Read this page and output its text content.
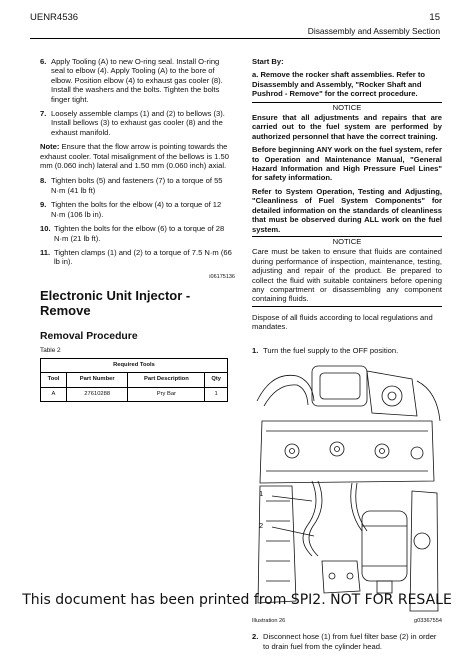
UENR4536	15
Disassembly and Assembly Section
6. Apply Tooling (A) to new O-ring seal. Install O-ring seal to elbow (4). Apply Tooling (A) to the bore of elbow. Position elbow (4) to exhaust gas cooler (8). Install the washers and the bolts. Tighten the bolts finger tight.
7. Loosely assemble clamps (1) and (2) to bellows (3). Install bellows (3) to exhaust gas cooler (8) and the exhaust manifold.

Note: Ensure that the flow arrow is pointing towards the exhaust cooler. Total misalignment of the bellows is 1.50 mm (0.060 inch) lateral and 1.50 mm (0.060 inch) axial.

8. Tighten bolts (5) and fasteners (7) to a torque of 55 N·m (41 lb ft)
9. Tighten the bolts for the elbow (4) to a torque of 12 N·m (106 lb in).
10. Tighten the bolts for the elbow (6) to a torque of 28 N·m (21 lb ft).
11. Tighten clamps (1) and (2) to a torque of 7.5 N·m (66 lb in).
i06175136
Electronic Unit Injector - Remove
Removal Procedure
Table 2
Required Tools			
Tool	Part Number	Part Description	Qty
A	27610288	Pry Bar	1
Start By:
a. Remove the rocker shaft assemblies. Refer to Disassembly and Assembly, "Rocker Shaft and Pushrod - Remove" for the correct procedure.
NOTICE

Ensure that all adjustments and repairs that are carried out to the fuel system are performed by authorized personnel that have the correct training.

Before beginning ANY work on the fuel system, refer to Operation and Maintenance Manual, "General Hazard Information and High Pressure Fuel Lines" for safety information.

Refer to System Operation, Testing and Adjusting, "Cleanliness of Fuel System Components" for detailed information on the standards of cleanliness that must be observed during ALL work on the fuel system.

NOTICE

Care must be taken to ensure that fluids are contained during performance of inspection, maintenance, testing, adjusting and repair of the product. Be prepared to collect the fluid with suitable containers before opening any compartment or disassembling any component containing fluids.

Dispose of all fluids according to local regulations and mandates.

1. Turn the fuel supply to the OFF position.
1
2
Illustration 26	g03367554
2. Disconnect hose (1) from fuel filter base (2) in order to drain fuel from the cylinder head.
This document has been printed from SPI2. NOT FOR RESALE
